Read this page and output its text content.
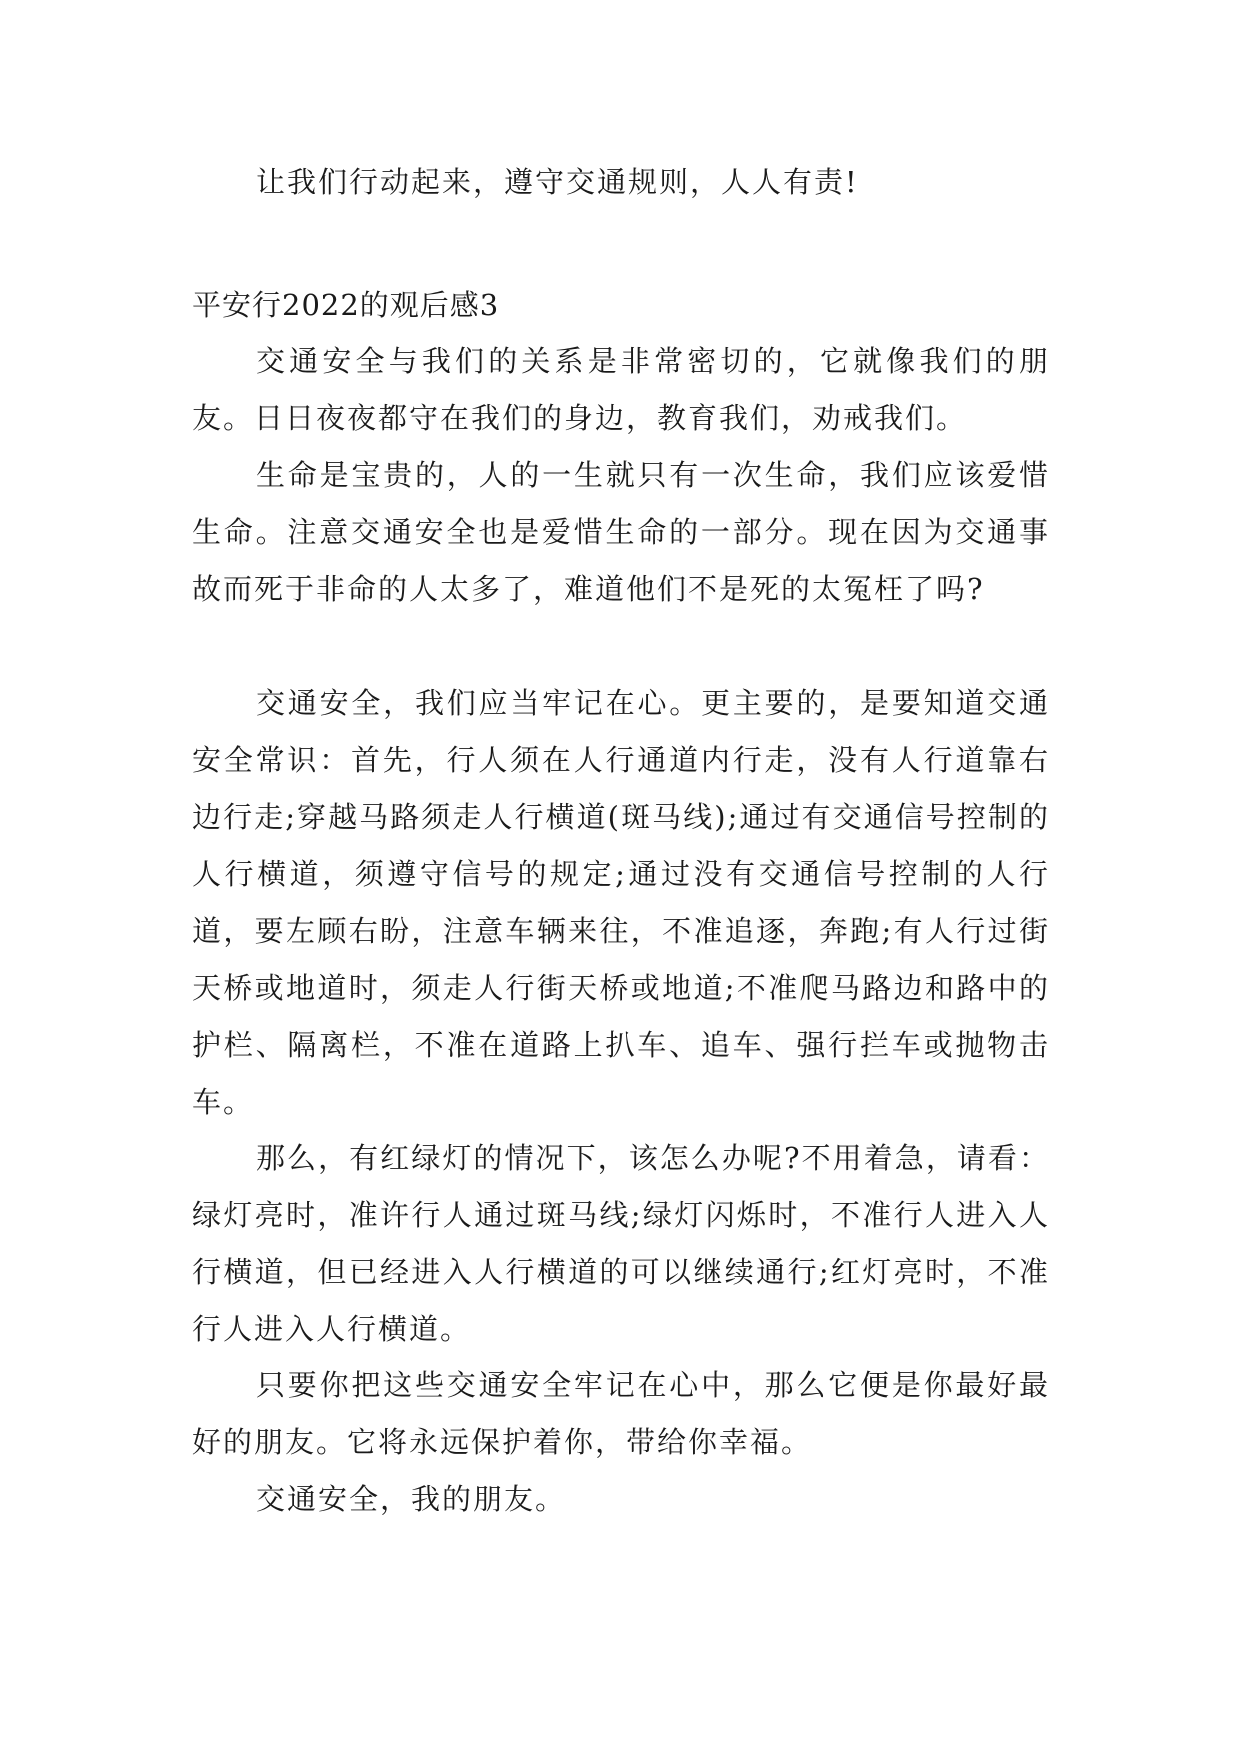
让我们行动起来，遵守交通规则，人人有责!

平安行2022的观后感3

交通安全与我们的关系是非常密切的，它就像我们的朋友。日日夜夜都守在我们的身边，教育我们，劝戒我们。

生命是宝贵的，人的一生就只有一次生命，我们应该爱惜生命。注意交通安全也是爱惜生命的一部分。现在因为交通事故而死于非命的人太多了，难道他们不是死的太冤枉了吗?

交通安全，我们应当牢记在心。更主要的，是要知道交通安全常识：首先，行人须在人行通道内行走，没有人行道靠右边行走;穿越马路须走人行横道(斑马线);通过有交通信号控制的人行横道，须遵守信号的规定;通过没有交通信号控制的人行道，要左顾右盼，注意车辆来往，不准追逐，奔跑;有人行过街天桥或地道时，须走人行街天桥或地道;不准爬马路边和路中的护栏、隔离栏，不准在道路上扒车、追车、强行拦车或抛物击车。

那么，有红绿灯的情况下，该怎么办呢?不用着急，请看：绿灯亮时，准许行人通过斑马线;绿灯闪烁时，不准行人进入人行横道，但已经进入人行横道的可以继续通行;红灯亮时，不准行人进入人行横道。

只要你把这些交通安全牢记在心中，那么它便是你最好最好的朋友。它将永远保护着你，带给你幸福。

交通安全，我的朋友。
